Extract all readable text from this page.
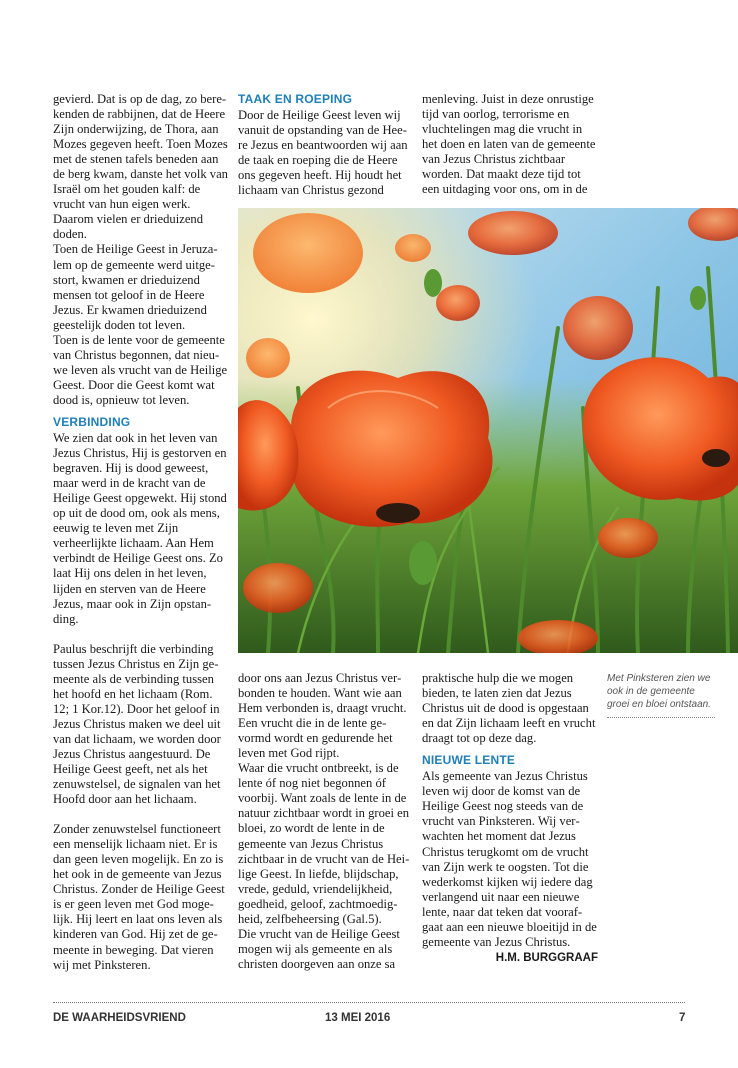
gevierd. Dat is op de dag, zo berekenden de rabbijnen, dat de Heere Zijn onderwijzing, de Thora, aan Mozes gegeven heeft. Toen Mozes met de stenen tafels beneden aan de berg kwam, danste het volk van Israël om het gouden kalf: de vrucht van hun eigen werk. Daarom vielen er drieduizend doden.

Toen de Heilige Geest in Jeruzalem op de gemeente werd uitgestort, kwamen er drieduizend mensen tot geloof in de Heere Jezus. Er kwamen drieduizend geestelijk doden tot leven.

Toen is de lente voor de gemeente van Christus begonnen, dat nieuwe leven als vrucht van de Heilige Geest. Door die Geest komt wat dood is, opnieuw tot leven.

VERBINDING

We zien dat ook in het leven van Jezus Christus, Hij is gestorven en begraven. Hij is dood geweest, maar werd in de kracht van de Heilige Geest opgewekt. Hij stond op uit de dood om, ook als mens, eeuwig te leven met Zijn verheerlijkte lichaam. Aan Hem verbindt de Heilige Geest ons. Zo laat Hij ons delen in het leven, lijden en sterven van de Heere Jezus, maar ook in Zijn opstanding.

Paulus beschrijft die verbinding tussen Jezus Christus en Zijn gemeente als de verbinding tussen het hoofd en het lichaam (Rom. 12; 1 Kor.12). Door het geloof in Jezus Christus maken we deel uit van dat lichaam, we worden door Jezus Christus aangestuurd. De Heilige Geest geeft, net als het zenuwstelsel, de signalen van het Hoofd door aan het lichaam.

Zonder zenuwstelsel functioneert een menselijk lichaam niet. Er is dan geen leven mogelijk. En zo is het ook in de gemeente van Jezus Christus. Zonder de Heilige Geest is er geen leven met God mogelijk. Hij leert en laat ons leven als kinderen van God. Hij zet de gemeente in beweging. Dat vieren wij met Pinksteren.

TAAK EN ROEPING

Door de Heilige Geest leven wij vanuit de opstanding van de Heere Jezus en beantwoorden wij aan de taak en roeping die de Heere ons gegeven heeft. Hij houdt het lichaam van Christus gezond

menleving. Juist in deze onrustige tijd van oorlog, terrorisme en vluchtelingen mag die vrucht in het doen en laten van de gemeente van Jezus Christus zichtbaar worden. Dat maakt deze tijd tot een uitdaging voor ons, om in de

Met Pinksteren zien we ook in de gemeente groei en bloei ontstaan.

door ons aan Jezus Christus verbonden te houden. Want wie aan Hem verbonden is, draagt vrucht. Een vrucht die in de lente gevormd wordt en gedurende het leven met God rijpt.

Waar die vrucht ontbreekt, is de lente óf nog niet begonnen óf voorbij. Want zoals de lente in de natuur zichtbaar wordt in groei en bloei, zo wordt de lente in de gemeente van Jezus Christus zichtbaar in de vrucht van de Heilige Geest. In liefde, blijdschap, vrede, geduld, vriendelijkheid, goedheid, geloof, zachtmoedigheid, zelfbeheersing (Gal.5).

Die vrucht van de Heilige Geest mogen wij als gemeente en als christen doorgeven aan onze sa

praktische hulp die we mogen bieden, te laten zien dat Jezus Christus uit de dood is opgestaan en dat Zijn lichaam leeft en vrucht draagt tot op deze dag.

NIEUWE LENTE

Als gemeente van Jezus Christus leven wij door de komst van de Heilige Geest nog steeds van de vrucht van Pinksteren. Wij verwachten het moment dat Jezus Christus terugkomt om de vrucht van Zijn werk te oogsten. Tot die wederkomst kijken wij iedere dag verlangend uit naar een nieuwe lente, naar dat teken dat voorafgaat aan een nieuwe bloeitijd in de gemeente van Jezus Christus.

H.M. BURGGRAAF
DE WAARHEIDSVRIEND	13 MEI 2016	7
